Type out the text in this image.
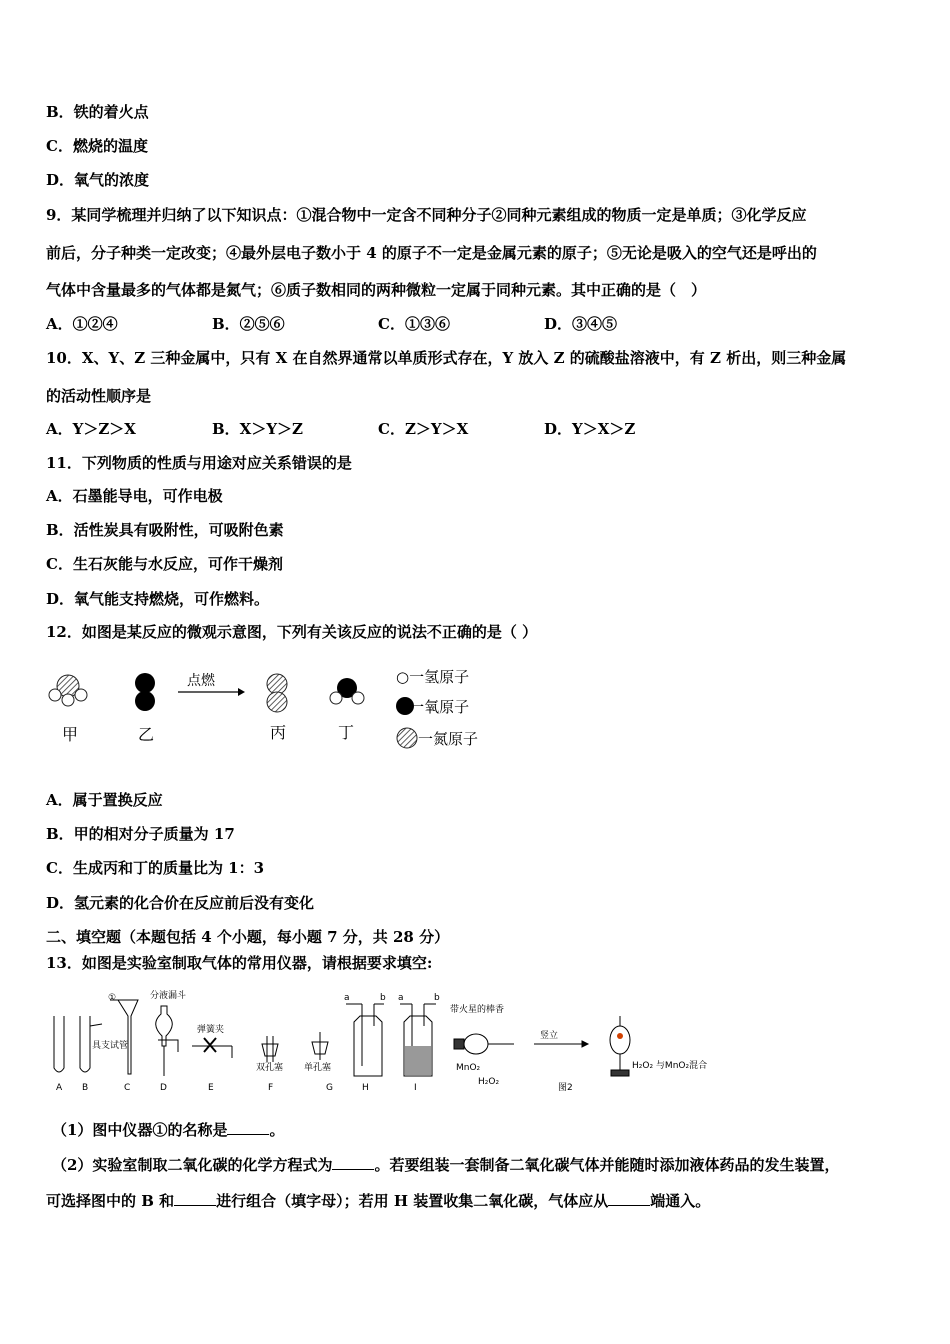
B．铁的着火点
C．燃烧的温度
D．氧气的浓度
9．某同学梳理并归纳了以下知识点：①混合物中一定含不同种分子②同种元素组成的物质一定是单质；③化学反应
前后，分子种类一定改变；④最外层电子数小于 4 的原子不一定是金属元素的原子；⑤无论是吸入的空气还是呼出的
气体中含量最多的气体都是氮气；⑥质子数相同的两种微粒一定属于同种元素。其中正确的是（　）
A．①②④	B．②⑤⑥	C．①③⑥	D．③④⑤
10．X、Y、Z 三种金属中，只有 X 在自然界通常以单质形式存在，Y 放入 Z 的硫酸盐溶液中，有 Z 析出，则三种金属
的活动性顺序是
A．Y＞Z＞X	B．X＞Y＞Z	C．Z＞Y＞X	D．Y＞X＞Z
11．下列物质的性质与用途对应关系错误的是
A．石墨能导电，可作电极
B．活性炭具有吸附性，可吸附色素
C．生石灰能与水反应，可作干燥剂
D．氧气能支持燃烧，可作燃料。
12．如图是某反应的微观示意图，下列有关该反应的说法不正确的是（ ）
点燃
甲	乙	丙	丁
○一氢原子
●一氧原子
一氮原子
A．属于置换反应
B．甲的相对分子质量为 17
C．生成丙和丁的质量比为 1：3
D．氢元素的化合价在反应前后没有变化
二、填空题（本题包括 4 个小题，每小题 7 分，共 28 分）
13．如图是实验室制取气体的常用仪器，请根据要求填空:
①	分液漏斗
具支试管
弹簧夹
双孔塞 单孔塞
a	b a	b
带火星的棒香
MnO₂
H₂O₂
竖立
图2
H₂O₂ 与MnO₂混合
A B	C	D	E	F	G	H	I
（1）图中仪器①的名称是	。
（2）实验室制取二氧化碳的化学方程式为	。若要组装一套制备二氧化碳气体并能随时添加液体药品的发生装置，
可选择图中的 B 和	进行组合（填字母）；若用 H 装置收集二氧化碳，气体应从	端通入。
